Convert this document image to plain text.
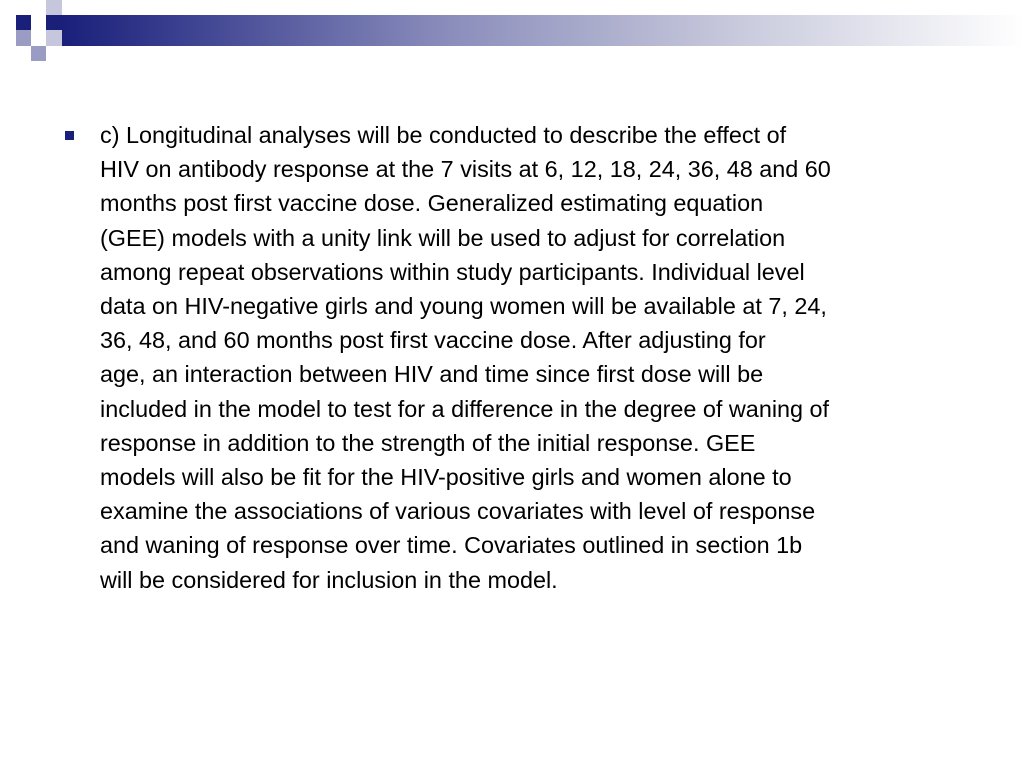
c) Longitudinal analyses will be conducted to describe the effect of
HIV on antibody response at the 7 visits at 6, 12, 18, 24, 36, 48 and 60
months post first vaccine dose. Generalized estimating equation
(GEE) models with a unity link will be used to adjust for correlation
among repeat observations within study participants. Individual level
data on HIV-negative girls and young women will be available at 7, 24,
36, 48, and 60 months post first vaccine dose. After adjusting for
age, an interaction between HIV and time since first dose will be
included in the model to test for a difference in the degree of waning of
response in addition to the strength of the initial response. GEE
models will also be fit for the HIV-positive girls and women alone to
examine the associations of various covariates with level of response
and waning of response over time. Covariates outlined in section 1b
will be considered for inclusion in the model.
